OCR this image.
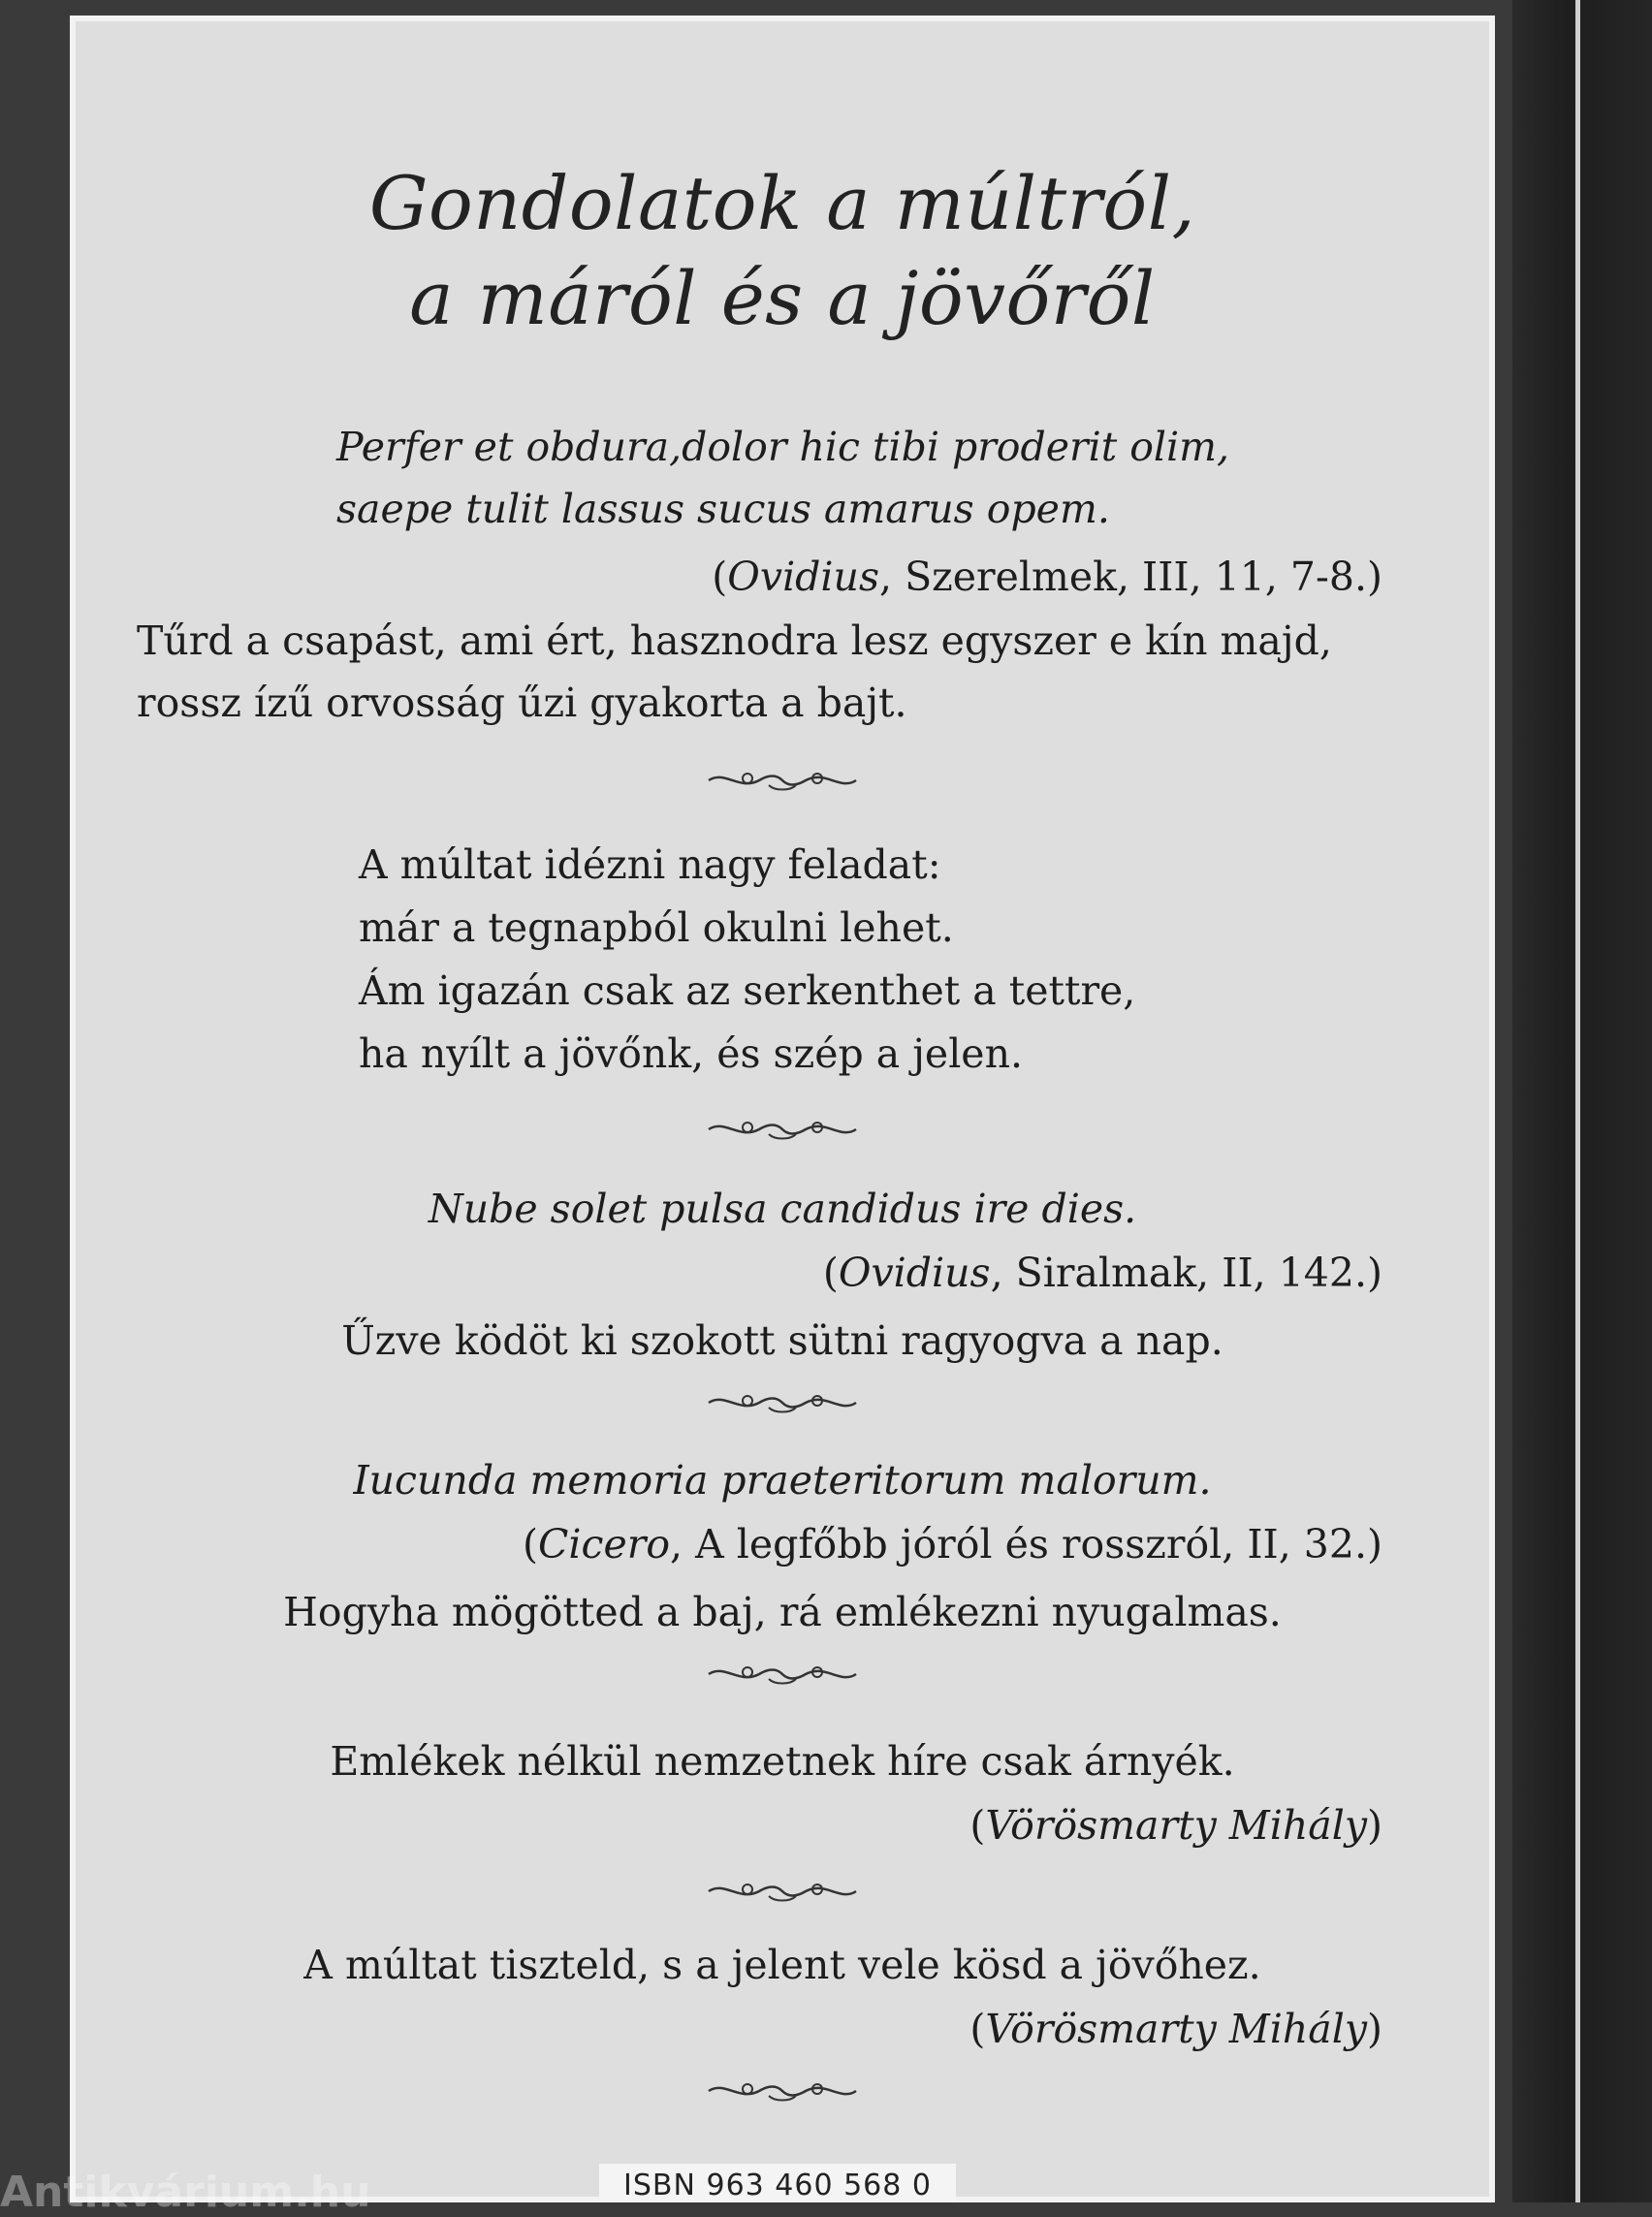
Gondolatok a múltról,
a máról és a jövőről
Perfer et obdura,dolor hic tibi proderit olim,
saepe tulit lassus sucus amarus opem.
(Ovidius, Szerelmek, III, 11, 7-8.)
Tűrd a csapást, ami ért, hasznodra lesz egyszer e kín majd,
rossz ízű orvosság űzi gyakorta a bajt.
A múltat idézni nagy feladat:
már a tegnapból okulni lehet.
Ám igazán csak az serkenthet a tettre,
ha nyílt a jövőnk, és szép a jelen.
Nube solet pulsa candidus ire dies.
(Ovidius, Siralmak, II, 142.)
Űzve ködöt ki szokott sütni ragyogva a nap.
Iucunda memoria praeteritorum malorum.
(Cicero, A legfőbb jóról és rosszról, II, 32.)
Hogyha mögötted a baj, rá emlékezni nyugalmas.
Emlékek nélkül nemzetnek híre csak árnyék.
(Vörösmarty Mihály)
A múltat tiszteld, s a jelent vele kösd a jövőhez.
(Vörösmarty Mihály)
ISBN 963 460 568 0
Antikvárium.hu
